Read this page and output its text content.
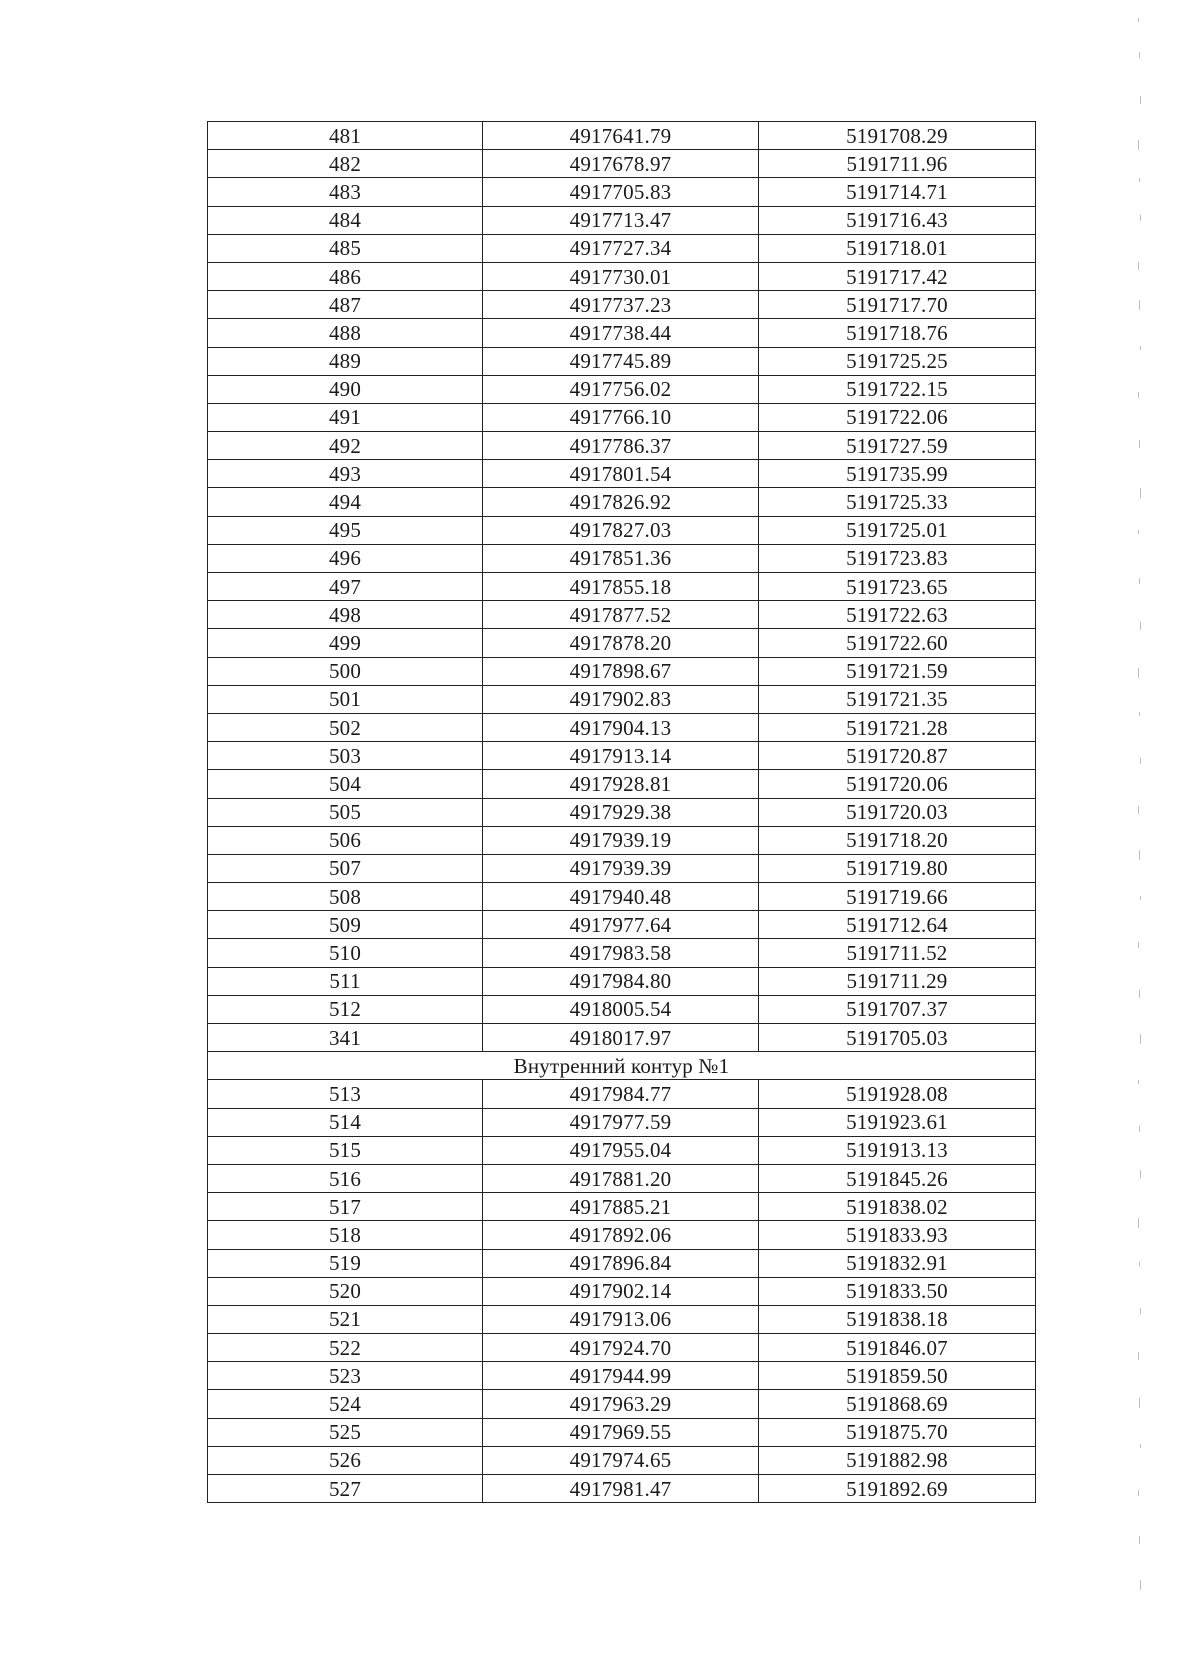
481	4917641.79	5191708.29
482	4917678.97	5191711.96
483	4917705.83	5191714.71
484	4917713.47	5191716.43
485	4917727.34	5191718.01
486	4917730.01	5191717.42
487	4917737.23	5191717.70
488	4917738.44	5191718.76
489	4917745.89	5191725.25
490	4917756.02	5191722.15
491	4917766.10	5191722.06
492	4917786.37	5191727.59
493	4917801.54	5191735.99
494	4917826.92	5191725.33
495	4917827.03	5191725.01
496	4917851.36	5191723.83
497	4917855.18	5191723.65
498	4917877.52	5191722.63
499	4917878.20	5191722.60
500	4917898.67	5191721.59
501	4917902.83	5191721.35
502	4917904.13	5191721.28
503	4917913.14	5191720.87
504	4917928.81	5191720.06
505	4917929.38	5191720.03
506	4917939.19	5191718.20
507	4917939.39	5191719.80
508	4917940.48	5191719.66
509	4917977.64	5191712.64
510	4917983.58	5191711.52
511	4917984.80	5191711.29
512	4918005.54	5191707.37
341	4918017.97	5191705.03
Внутренний контур №1		
513	4917984.77	5191928.08
514	4917977.59	5191923.61
515	4917955.04	5191913.13
516	4917881.20	5191845.26
517	4917885.21	5191838.02
518	4917892.06	5191833.93
519	4917896.84	5191832.91
520	4917902.14	5191833.50
521	4917913.06	5191838.18
522	4917924.70	5191846.07
523	4917944.99	5191859.50
524	4917963.29	5191868.69
525	4917969.55	5191875.70
526	4917974.65	5191882.98
527	4917981.47	5191892.69
